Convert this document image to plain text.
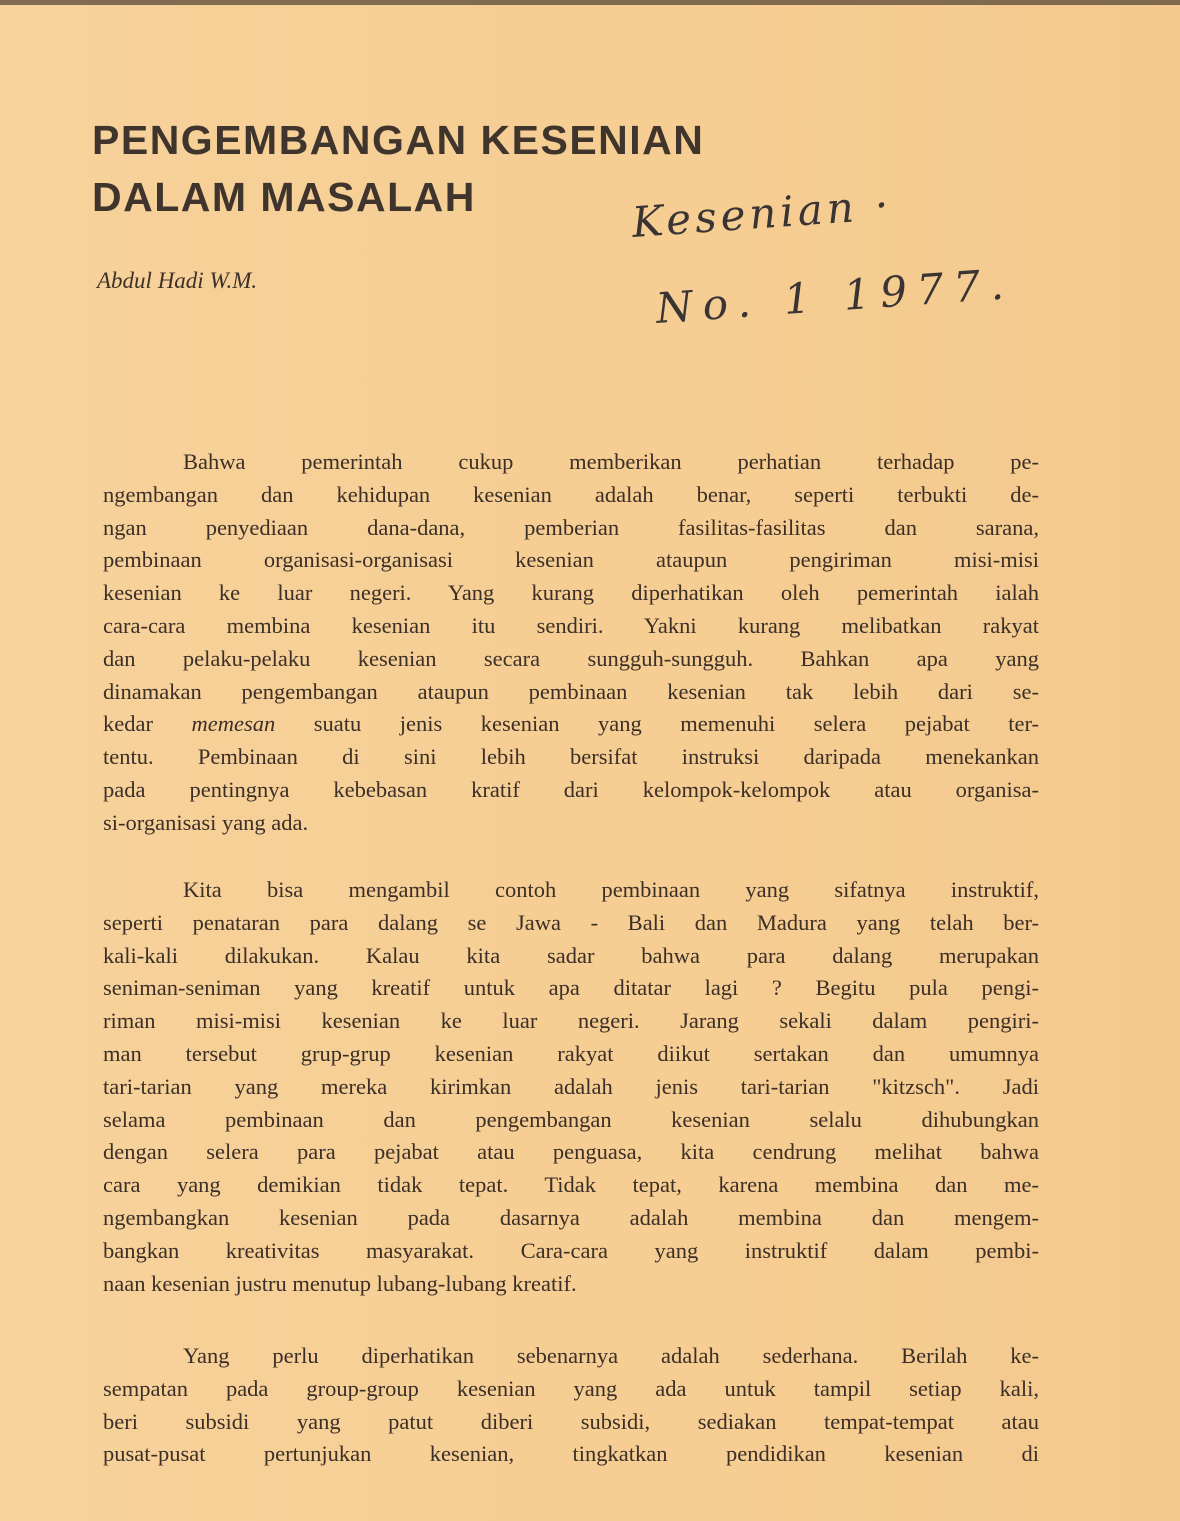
PENGEMBANGAN KESENIAN
DALAM MASALAH	Kesenian ·
No. 1 1977.
Abdul Hadi W.M.

Bahwa pemerintah cukup memberikan perhatian terhadap pe-
ngembangan dan kehidupan kesenian adalah benar, seperti terbukti de-
ngan penyediaan dana-dana, pemberian fasilitas-fasilitas dan sarana,
pembinaan organisasi-organisasi kesenian ataupun pengiriman misi-misi
kesenian ke luar negeri. Yang kurang diperhatikan oleh pemerintah ialah
cara-cara membina kesenian itu sendiri. Yakni kurang melibatkan rakyat
dan pelaku-pelaku kesenian secara sungguh-sungguh. Bahkan apa yang
dinamakan pengembangan ataupun pembinaan kesenian tak lebih dari se-
kedar memesan suatu jenis kesenian yang memenuhi selera pejabat ter-
tentu. Pembinaan di sini lebih bersifat instruksi daripada menekankan
pada pentingnya kebebasan kratif dari kelompok-kelompok atau organisa-
si-organisasi yang ada.

Kita bisa mengambil contoh pembinaan yang sifatnya instruktif,
seperti penataran para dalang se Jawa - Bali dan Madura yang telah ber-
kali-kali dilakukan. Kalau kita sadar bahwa para dalang merupakan
seniman-seniman yang kreatif untuk apa ditatar lagi ? Begitu pula pengi-
riman misi-misi kesenian ke luar negeri. Jarang sekali dalam pengiri-
man tersebut grup-grup kesenian rakyat diikut sertakan dan umumnya
tari-tarian yang mereka kirimkan adalah jenis tari-tarian "kitzsch". Jadi
selama pembinaan dan pengembangan kesenian selalu dihubungkan
dengan selera para pejabat atau penguasa, kita cendrung melihat bahwa
cara yang demikian tidak tepat. Tidak tepat, karena membina dan me-
ngembangkan kesenian pada dasarnya adalah membina dan mengem-
bangkan kreativitas masyarakat. Cara-cara yang instruktif dalam pembi-
naan kesenian justru menutup lubang-lubang kreatif.

Yang perlu diperhatikan sebenarnya adalah sederhana. Berilah ke-
sempatan pada group-group kesenian yang ada untuk tampil setiap kali,
beri subsidi yang patut diberi subsidi, sediakan tempat-tempat atau
pusat-pusat pertunjukan kesenian, tingkatkan pendidikan kesenian di
